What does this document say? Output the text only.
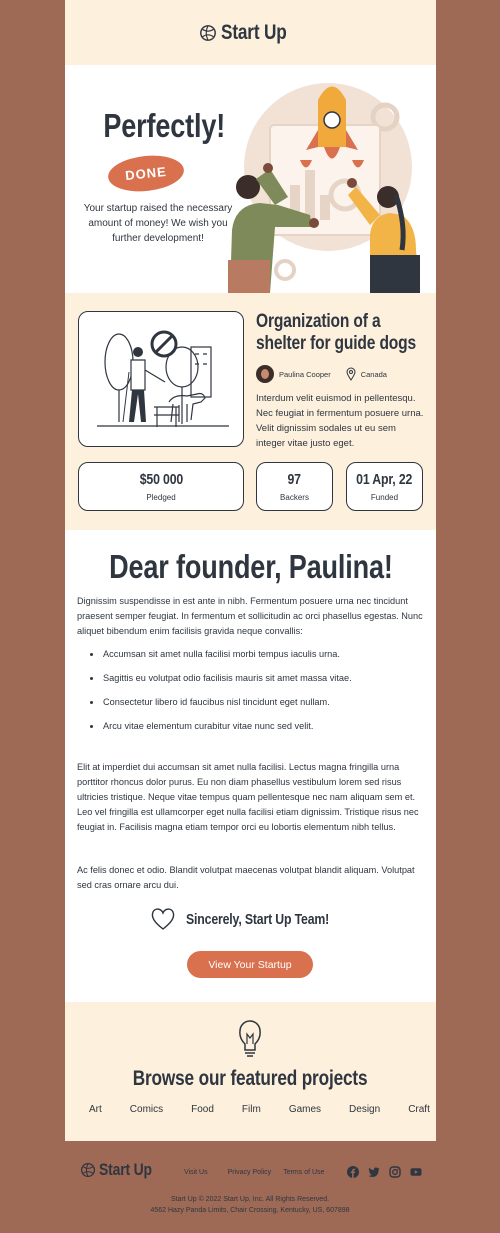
Start Up
Perfectly!
DONE
Your startup raised the necessary amount of money! We wish you further development!
Organization of a
shelter for guide dogs
Paulina Cooper	Canada
Interdum velit euismod in pellentesqu. Nec feugiat in fermentum posuere urna. Velit dignissim sodales ut eu sem integer vitae justo eget.
$50 000
Pledged
97
Backers
01 Apr, 22
Funded
Dear founder, Paulina!

Dignissim suspendisse in est ante in nibh. Fermentum posuere urna nec tincidunt praesent semper feugiat. In fermentum et sollicitudin ac orci phasellus egestas. Nunc aliquet bibendum enim facilisis gravida neque convallis:

Accumsan sit amet nulla facilisi morbi tempus iaculis urna.
Sagittis eu volutpat odio facilisis mauris sit amet massa vitae.
Consectetur libero id faucibus nisl tincidunt eget nullam.
Arcu vitae elementum curabitur vitae nunc sed velit.

Elit at imperdiet dui accumsan sit amet nulla facilisi. Lectus magna fringilla urna porttitor rhoncus dolor purus. Eu non diam phasellus vestibulum lorem sed risus ultricies tristique. Neque vitae tempus quam pellentesque nec nam aliquam sem et. Leo vel fringilla est ullamcorper eget nulla facilisi etiam dignissim. Tristique risus nec feugiat in. Facilisis magna etiam tempor orci eu lobortis elementum nibh tellus.

Ac felis donec et odio. Blandit volutpat maecenas volutpat blandit aliquam. Volutpat sed cras ornare arcu dui.

Sincerely, Start Up Team!
View Your Startup
Browse our featured projects
Art	Comics	Food	Film	Games	Design	Craft
Start Up	Visit Us	Privacy Policy Terms of Use
Start Up © 2022 Start Up, Inc. All Rights Reserved.
4562 Hazy Panda Limits, Chair Crossing, Kentucky, US, 607898
